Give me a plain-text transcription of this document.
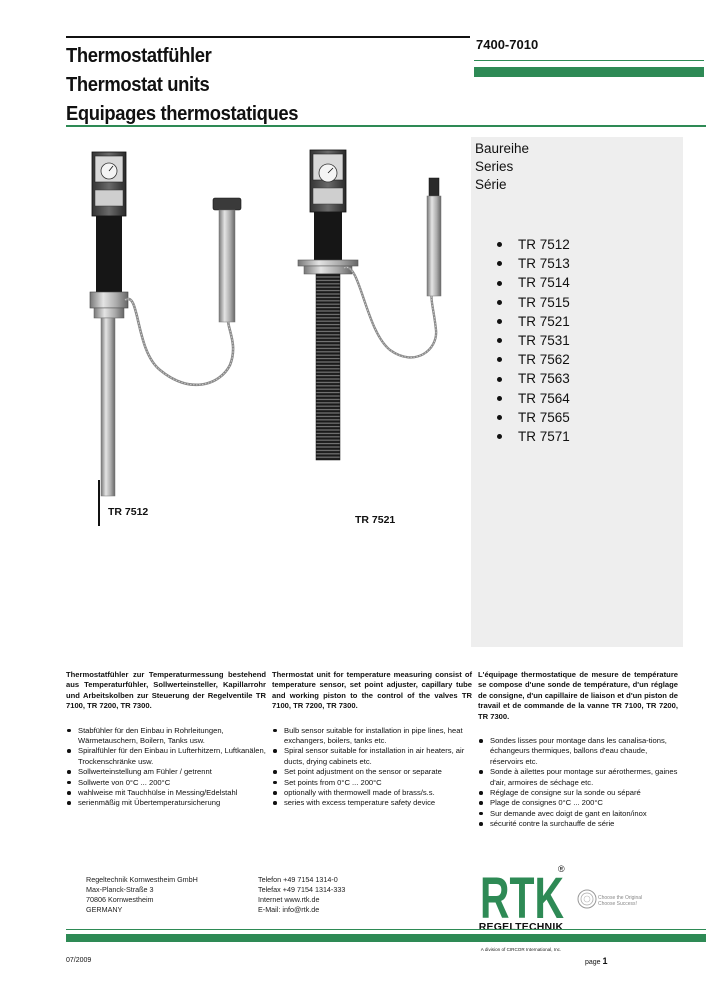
Thermostatfühler
Thermostat units
Equipages thermostatiques
7400-7010
Baureihe
Series
Série
TR 7512
TR 7513
TR 7514
TR 7515
TR 7521
TR 7531
TR 7562
TR 7563
TR 7564
TR 7565
TR 7571
TR 7512
TR 7521

Thermostatfühler zur Temperaturmessung bestehend aus Temperaturfühler, Sollwerteinsteller, Kapillarrohr und Arbeitskolben zur Steuerung der Regelventile TR 7100, TR 7200, TR 7300.

Stabfühler für den Einbau in Rohrleitungen, Wärmetauschern, Boilern, Tanks usw.
Spiralfühler für den Einbau in Lufterhitzern, Luftkanälen, Trockenschränke usw.
Sollwerteinstellung am Fühler / getrennt
Sollwerte von 0°C ... 200°C
wahlweise mit Tauchhülse in Messing/Edelstahl
serienmäßig mit Übertemperatursicherung

Thermostat unit for temperature measuring consist of temperature sensor, set point adjuster, capillary tube and working piston to the control of the valves TR 7100, TR 7200, TR 7300.

Bulb sensor suitable for installation in pipe lines, heat exchangers, boilers, tanks etc.
Spiral sensor suitable for installation in air heaters, air ducts, drying cabinets etc.
Set point adjustment on the sensor or separate
Set points from 0°C ... 200°C
optionally with thermowell made of brass/s.s.
series with excess temperature safety device

L'équipage thermostatique de mesure de température se compose d'une sonde de température, d'un réglage de consigne, d'un capillaire de liaison et d'un piston de travail et de commande de la vanne TR 7100, TR 7200, TR 7300.

Sondes lisses pour montage dans les canalisa-tions, échangeurs thermiques, ballons d'eau chaude, réservoirs etc.
Sonde à ailettes pour montage sur aérothermes, gaines d'air, armoires de séchage etc.
Réglage de consigne sur la sonde ou séparé
Plage de consignes 0°C ... 200°C
Sur demande avec doigt de gant en laiton/inox
sécurité contre la surchauffe de série
Regeltechnik Kornwestheim GmbH
Max-Planck-Straße 3
70806 Kornwestheim
GERMANY
Telefon +49 7154 1314-0
Telefax +49 7154 1314-333
Internet www.rtk.de
E-Mail: info@rtk.de	RTK
®
REGELTECHNIK
A division of CIRCOR International, Inc.
Choose the Original
Choose Success!
07/2009	page 1
